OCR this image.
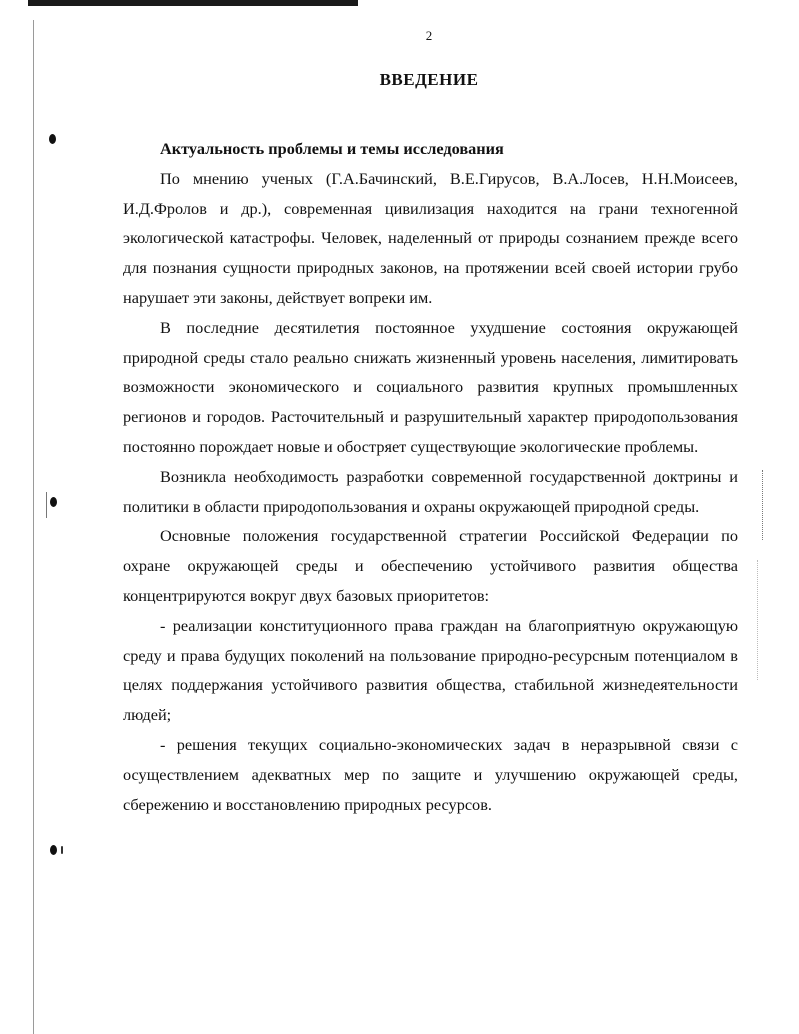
2
ВВЕДЕНИЕ

Актуальность проблемы и темы исследования

По мнению ученых (Г.А.Бачинский, В.Е.Гирусов, В.А.Лосев, Н.Н.Моисеев, И.Д.Фролов и др.), современная цивилизация находится на грани техногенной экологической катастрофы. Человек, наделенный от природы сознанием прежде всего для познания сущности природных законов, на протяжении всей своей истории грубо нарушает эти законы, действует вопреки им.

В последние десятилетия постоянное ухудшение состояния окружающей природной среды стало реально снижать жизненный уровень населения, лимитировать возможности экономического и социального развития крупных промышленных регионов и городов. Расточительный и разрушительный характер природопользования постоянно порождает новые и обостряет существующие экологические проблемы.

Возникла необходимость разработки современной государственной доктрины и политики в области природопользования и охраны окружающей природной среды.

Основные положения государственной стратегии Российской Федерации по охране окружающей среды и обеспечению устойчивого развития общества концентрируются вокруг двух базовых приоритетов:

- реализации конституционного права граждан на благоприятную окружающую среду и права будущих поколений на пользование природно-ресурсным потенциалом в целях поддержания устойчивого развития общества, стабильной жизнедеятельности людей;

- решения текущих социально-экономических задач в неразрывной связи с осуществлением адекватных мер по защите и улучшению окружающей среды, сбережению и восстановлению природных ресурсов.
